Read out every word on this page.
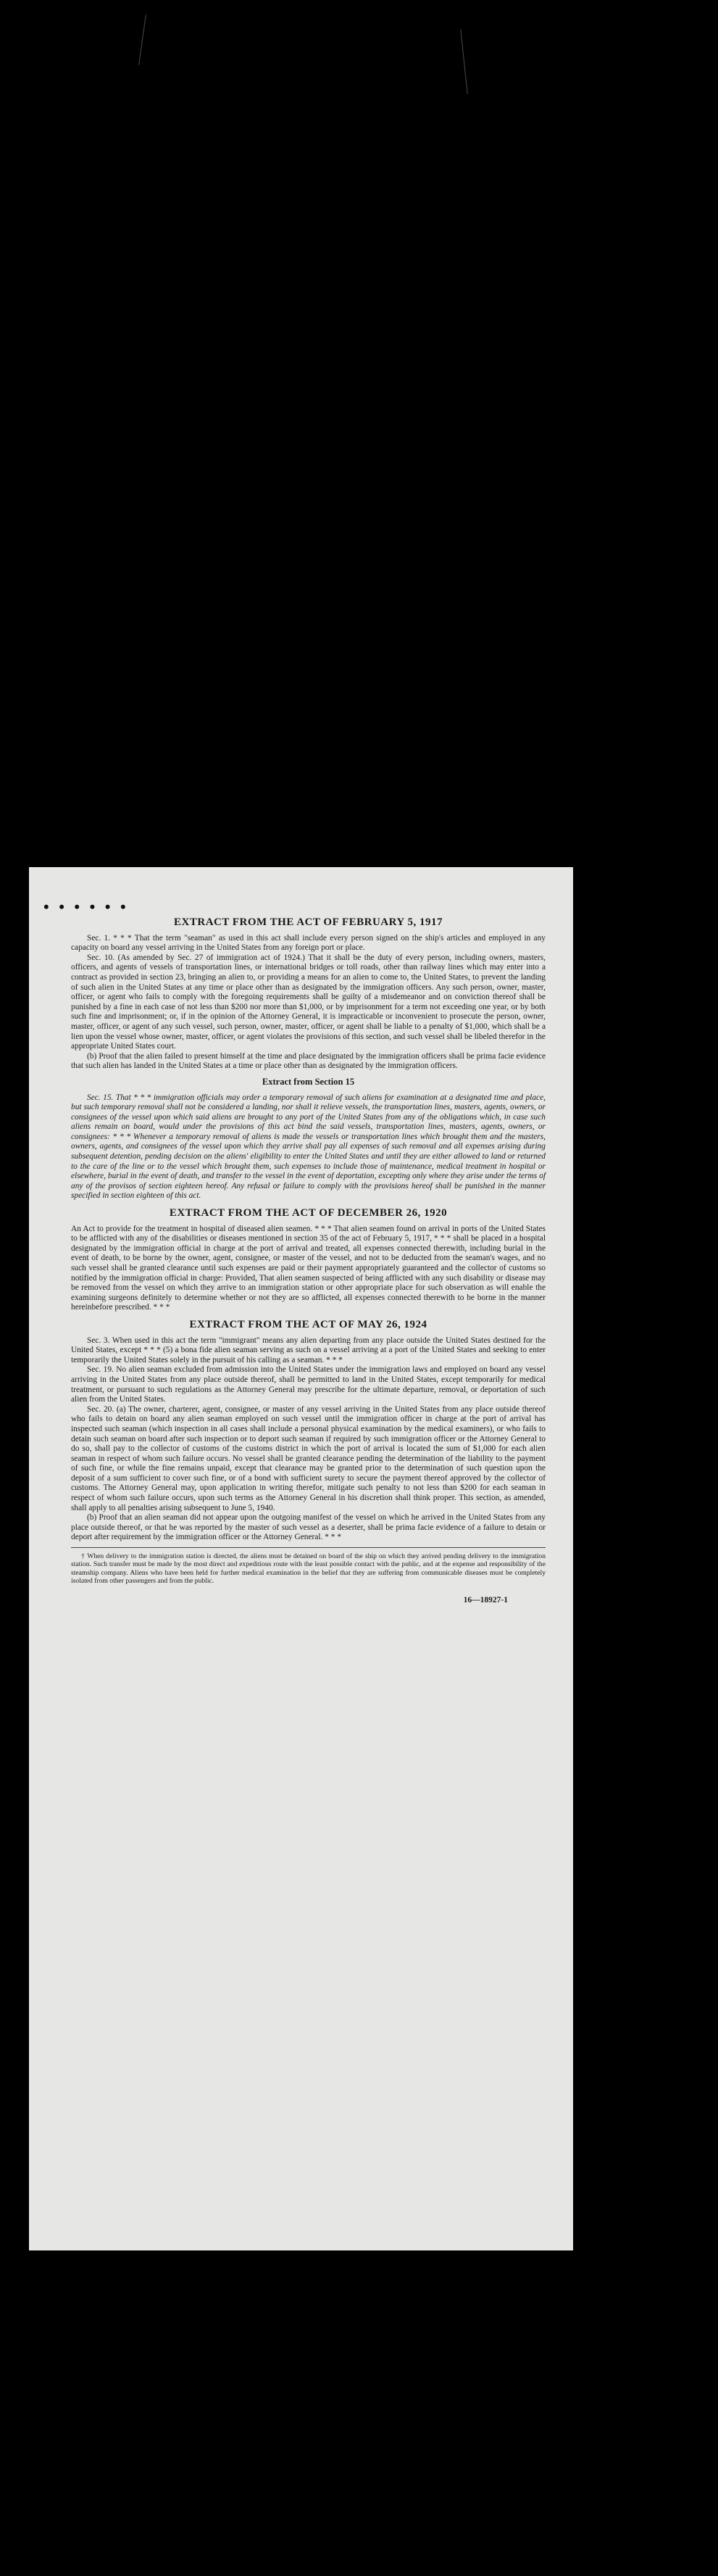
• • • • • •
EXTRACT FROM THE ACT OF FEBRUARY 5, 1917

Sec. 1. * * * That the term "seaman" as used in this act shall include every person signed on the ship's articles and employed in any capacity on board any vessel arriving in the United States from any foreign port or place.

Sec. 10. (As amended by Sec. 27 of immigration act of 1924.) That it shall be the duty of every person, including owners, masters, officers, and agents of vessels of transportation lines, or international bridges or toll roads, other than railway lines which may enter into a contract as provided in section 23, bringing an alien to, or providing a means for an alien to come to, the United States, to prevent the landing of such alien in the United States at any time or place other than as designated by the immigration officers. Any such person, owner, master, officer, or agent who fails to comply with the foregoing requirements shall be guilty of a misdemeanor and on conviction thereof shall be punished by a fine in each case of not less than $200 nor more than $1,000, or by imprisonment for a term not exceeding one year, or by both such fine and imprisonment; or, if in the opinion of the Attorney General, it is impracticable or inconvenient to prosecute the person, owner, master, officer, or agent of any such vessel, such person, owner, master, officer, or agent shall be liable to a penalty of $1,000, which shall be a lien upon the vessel whose owner, master, officer, or agent violates the provisions of this section, and such vessel shall be libeled therefor in the appropriate United States court.

(b) Proof that the alien failed to present himself at the time and place designated by the immigration officers shall be prima facie evidence that such alien has landed in the United States at a time or place other than as designated by the immigration officers.

Extract from Section 15

Sec. 15. That * * * immigration officials may order a temporary removal of such aliens for examination at a designated time and place, but such temporary removal shall not be considered a landing, nor shall it relieve vessels, the transportation lines, masters, agents, owners, or consignees of the vessel upon which said aliens are brought to any port of the United States from any of the obligations which, in case such aliens remain on board, would under the provisions of this act bind the said vessels, transportation lines, masters, agents, owners, or consignees: * * * Whenever a temporary removal of aliens is made the vessels or transportation lines which brought them and the masters, owners, agents, and consignees of the vessel upon which they arrive shall pay all expenses of such removal and all expenses arising during subsequent detention, pending decision on the aliens' eligibility to enter the United States and until they are either allowed to land or returned to the care of the line or to the vessel which brought them, such expenses to include those of maintenance, medical treatment in hospital or elsewhere, burial in the event of death, and transfer to the vessel in the event of deportation, excepting only where they arise under the terms of any of the provisos of section eighteen hereof. Any refusal or failure to comply with the provisions hereof shall be punished in the manner specified in section eighteen of this act.

EXTRACT FROM THE ACT OF DECEMBER 26, 1920

An Act to provide for the treatment in hospital of diseased alien seamen. * * * That alien seamen found on arrival in ports of the United States to be afflicted with any of the disabilities or diseases mentioned in section 35 of the act of February 5, 1917, * * * shall be placed in a hospital designated by the immigration official in charge at the port of arrival and treated, all expenses connected therewith, including burial in the event of death, to be borne by the owner, agent, consignee, or master of the vessel, and not to be deducted from the seaman's wages, and no such vessel shall be granted clearance until such expenses are paid or their payment appropriately guaranteed and the collector of customs so notified by the immigration official in charge: Provided, That alien seamen suspected of being afflicted with any such disability or disease may be removed from the vessel on which they arrive to an immigration station or other appropriate place for such observation as will enable the examining surgeons definitely to determine whether or not they are so afflicted, all expenses connected therewith to be borne in the manner hereinbefore prescribed. * * *

EXTRACT FROM THE ACT OF MAY 26, 1924

Sec. 3. When used in this act the term "immigrant" means any alien departing from any place outside the United States destined for the United States, except * * * (5) a bona fide alien seaman serving as such on a vessel arriving at a port of the United States and seeking to enter temporarily the United States solely in the pursuit of his calling as a seaman. * * *

Sec. 19. No alien seaman excluded from admission into the United States under the immigration laws and employed on board any vessel arriving in the United States from any place outside thereof, shall be permitted to land in the United States, except temporarily for medical treatment, or pursuant to such regulations as the Attorney General may prescribe for the ultimate departure, removal, or deportation of such alien from the United States.

Sec. 20. (a) The owner, charterer, agent, consignee, or master of any vessel arriving in the United States from any place outside thereof who fails to detain on board any alien seaman employed on such vessel until the immigration officer in charge at the port of arrival has inspected such seaman (which inspection in all cases shall include a personal physical examination by the medical examiners), or who fails to detain such seaman on board after such inspection or to deport such seaman if required by such immigration officer or the Attorney General to do so, shall pay to the collector of customs of the customs district in which the port of arrival is located the sum of $1,000 for each alien seaman in respect of whom such failure occurs. No vessel shall be granted clearance pending the determination of the liability to the payment of such fine, or while the fine remains unpaid, except that clearance may be granted prior to the determination of such question upon the deposit of a sum sufficient to cover such fine, or of a bond with sufficient surety to secure the payment thereof approved by the collector of customs. The Attorney General may, upon application in writing therefor, mitigate such penalty to not less than $200 for each seaman in respect of whom such failure occurs, upon such terms as the Attorney General in his discretion shall think proper. This section, as amended, shall apply to all penalties arising subsequent to June 5, 1940.

(b) Proof that an alien seaman did not appear upon the outgoing manifest of the vessel on which he arrived in the United States from any place outside thereof, or that he was reported by the master of such vessel as a deserter, shall be prima facie evidence of a failure to detain or deport after requirement by the immigration officer or the Attorney General. * * *

† When delivery to the immigration station is directed, the aliens must be detained on board of the ship on which they arrived pending delivery to the immigration station. Such transfer must be made by the most direct and expeditious route with the least possible contact with the public, and at the expense and responsibility of the steamship company. Aliens who have been held for further medical examination in the belief that they are suffering from communicable diseases must be completely isolated from other passengers and from the public.

16—18927-1
